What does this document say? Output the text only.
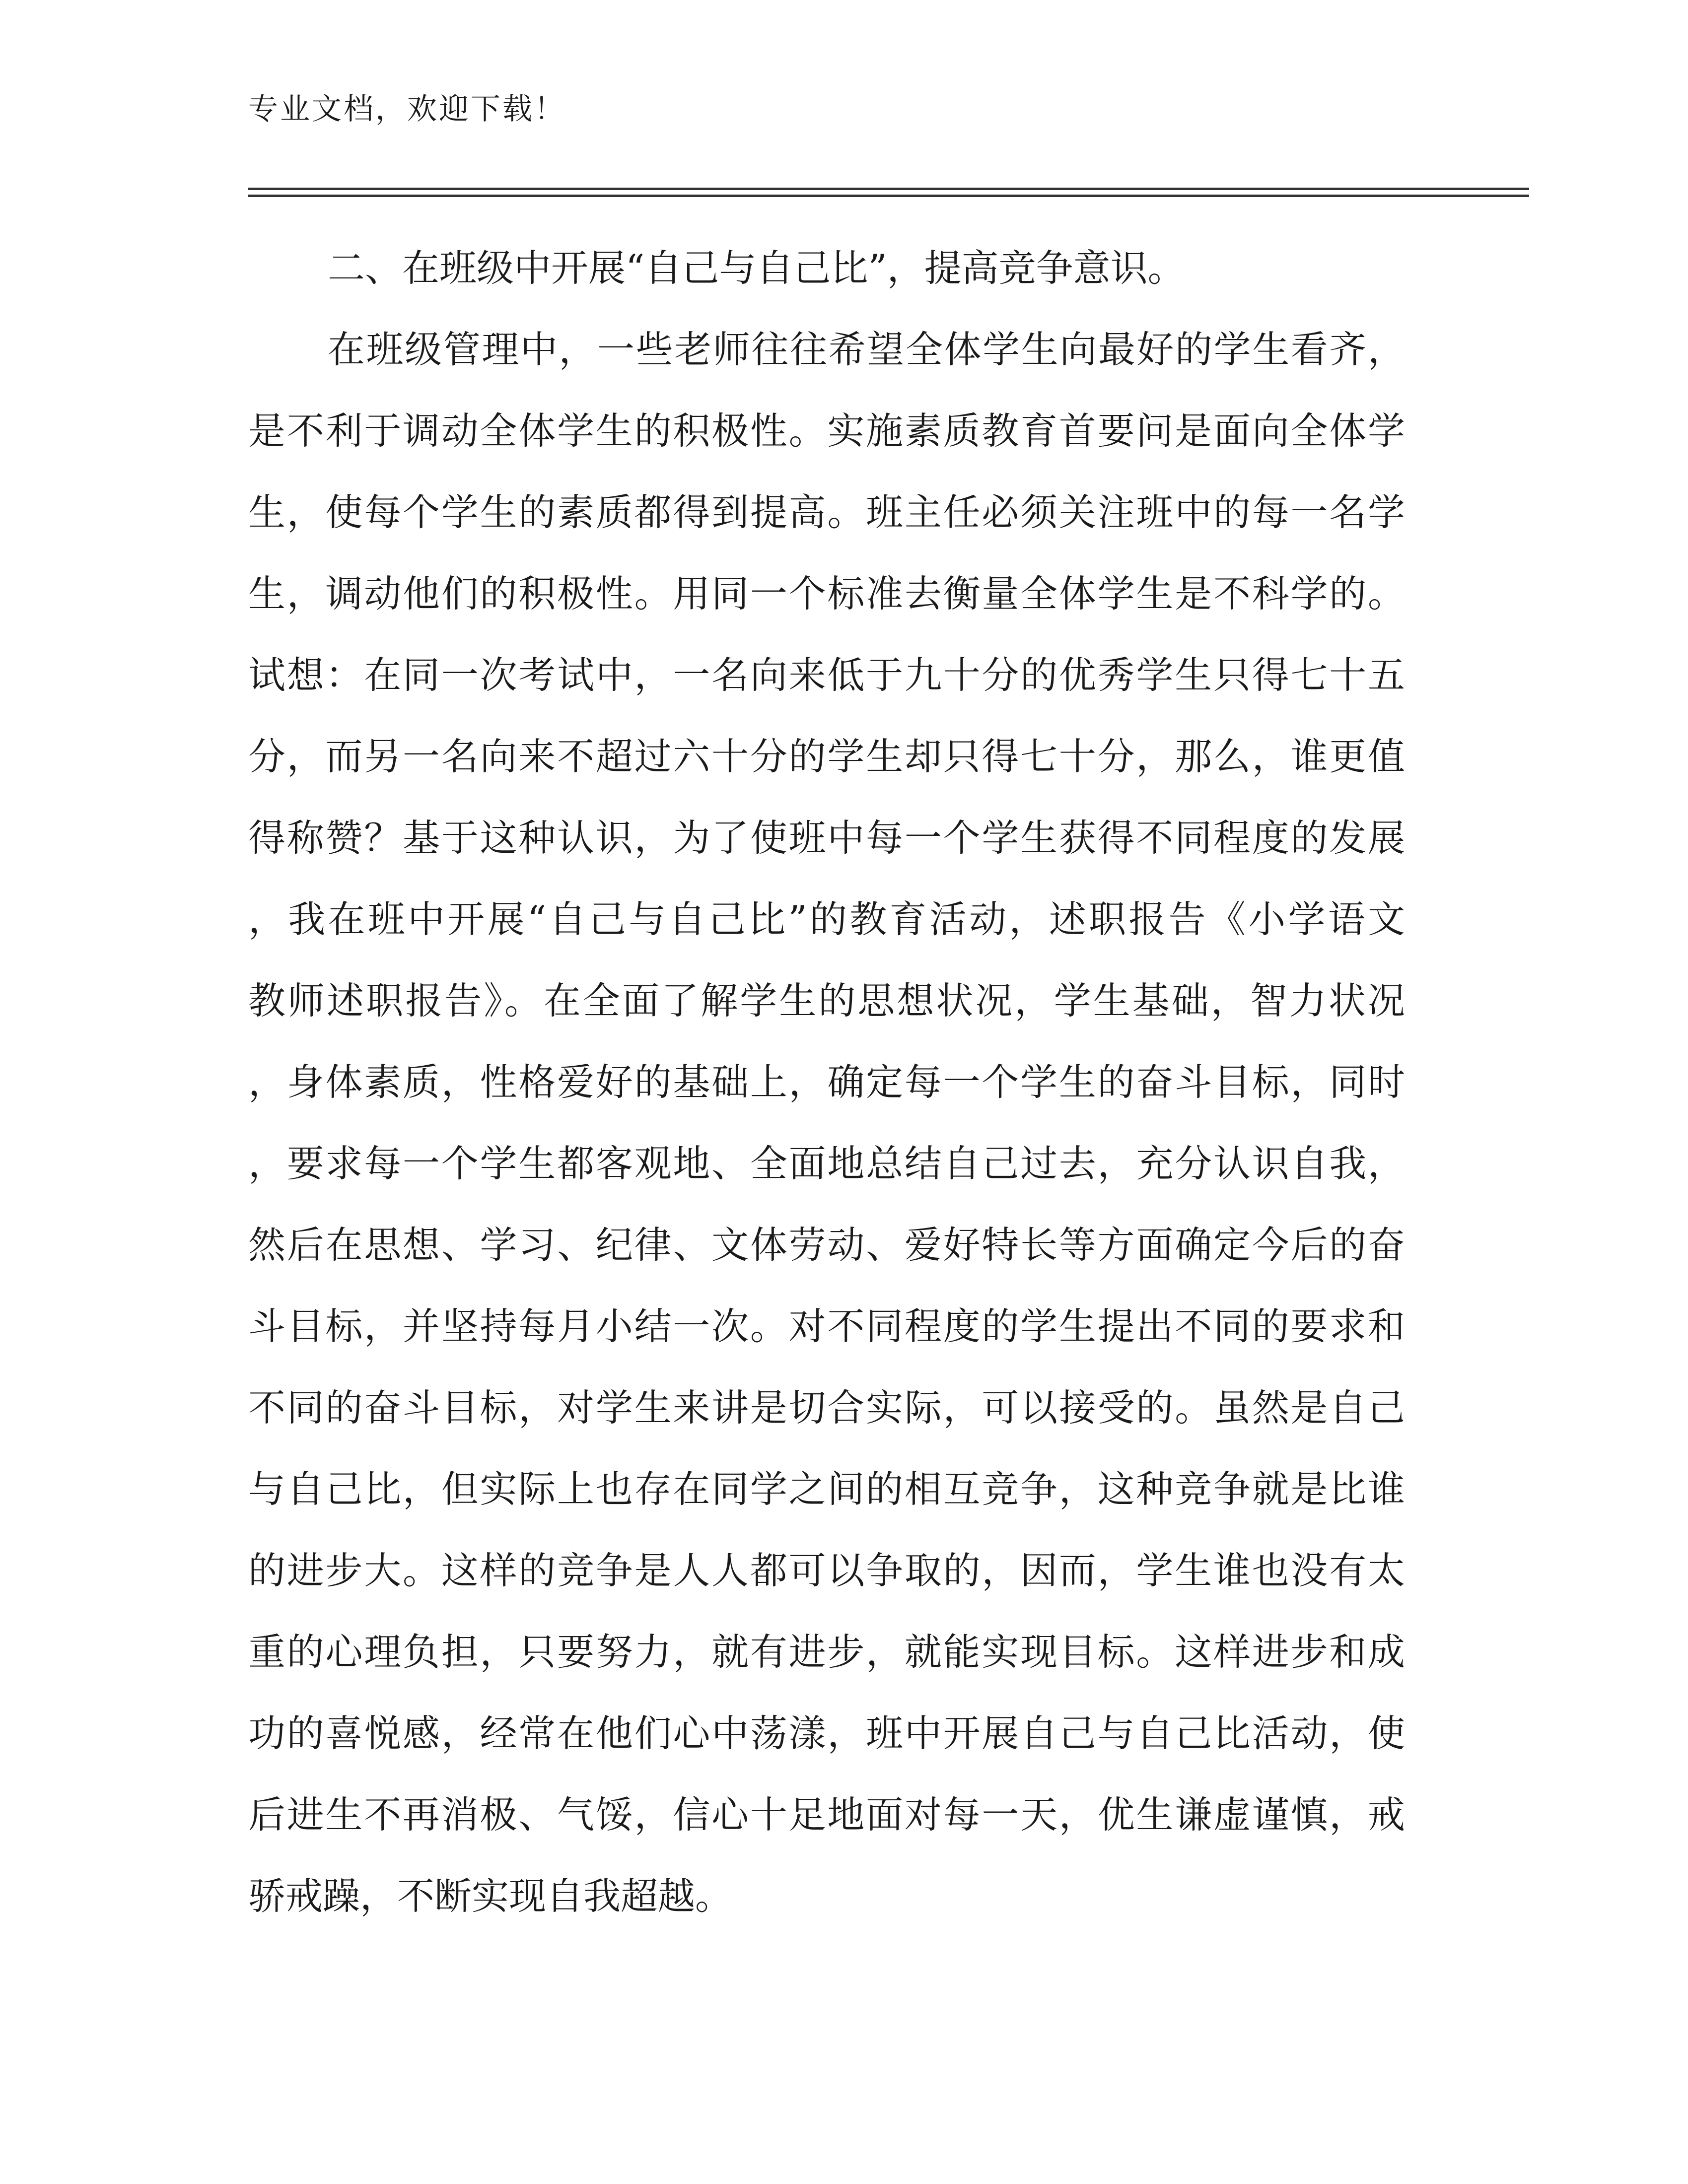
专业文档，欢迎下载！
二、在班级中开展“自己与自己比”，提高竞争意识。
在班级管理中，一些老师往往希望全体学生向最好的学生看齐，
是不利于调动全体学生的积极性。实施素质教育首要问是面向全体学
生，使每个学生的素质都得到提高。班主任必须关注班中的每一名学
生，调动他们的积极性。用同一个标准去衡量全体学生是不科学的。
试想：在同一次考试中，一名向来低于九十分的优秀学生只得七十五
分，而另一名向来不超过六十分的学生却只得七十分，那么，谁更值
得称赞？基于这种认识，为了使班中每一个学生获得不同程度的发展
，我在班中开展“自己与自己比”的教育活动，述职报告《小学语文
教师述职报告》。在全面了解学生的思想状况，学生基础，智力状况
，身体素质，性格爱好的基础上，确定每一个学生的奋斗目标，同时
，要求每一个学生都客观地、全面地总结自己过去，充分认识自我，
然后在思想、学习、纪律、文体劳动、爱好特长等方面确定今后的奋
斗目标，并坚持每月小结一次。对不同程度的学生提出不同的要求和
不同的奋斗目标，对学生来讲是切合实际，可以接受的。虽然是自己
与自己比，但实际上也存在同学之间的相互竞争，这种竞争就是比谁
的进步大。这样的竞争是人人都可以争取的，因而，学生谁也没有太
重的心理负担，只要努力，就有进步，就能实现目标。这样进步和成
功的喜悦感，经常在他们心中荡漾，班中开展自己与自己比活动，使
后进生不再消极、气馁，信心十足地面对每一天，优生谦虚谨慎，戒
骄戒躁，不断实现自我超越。
